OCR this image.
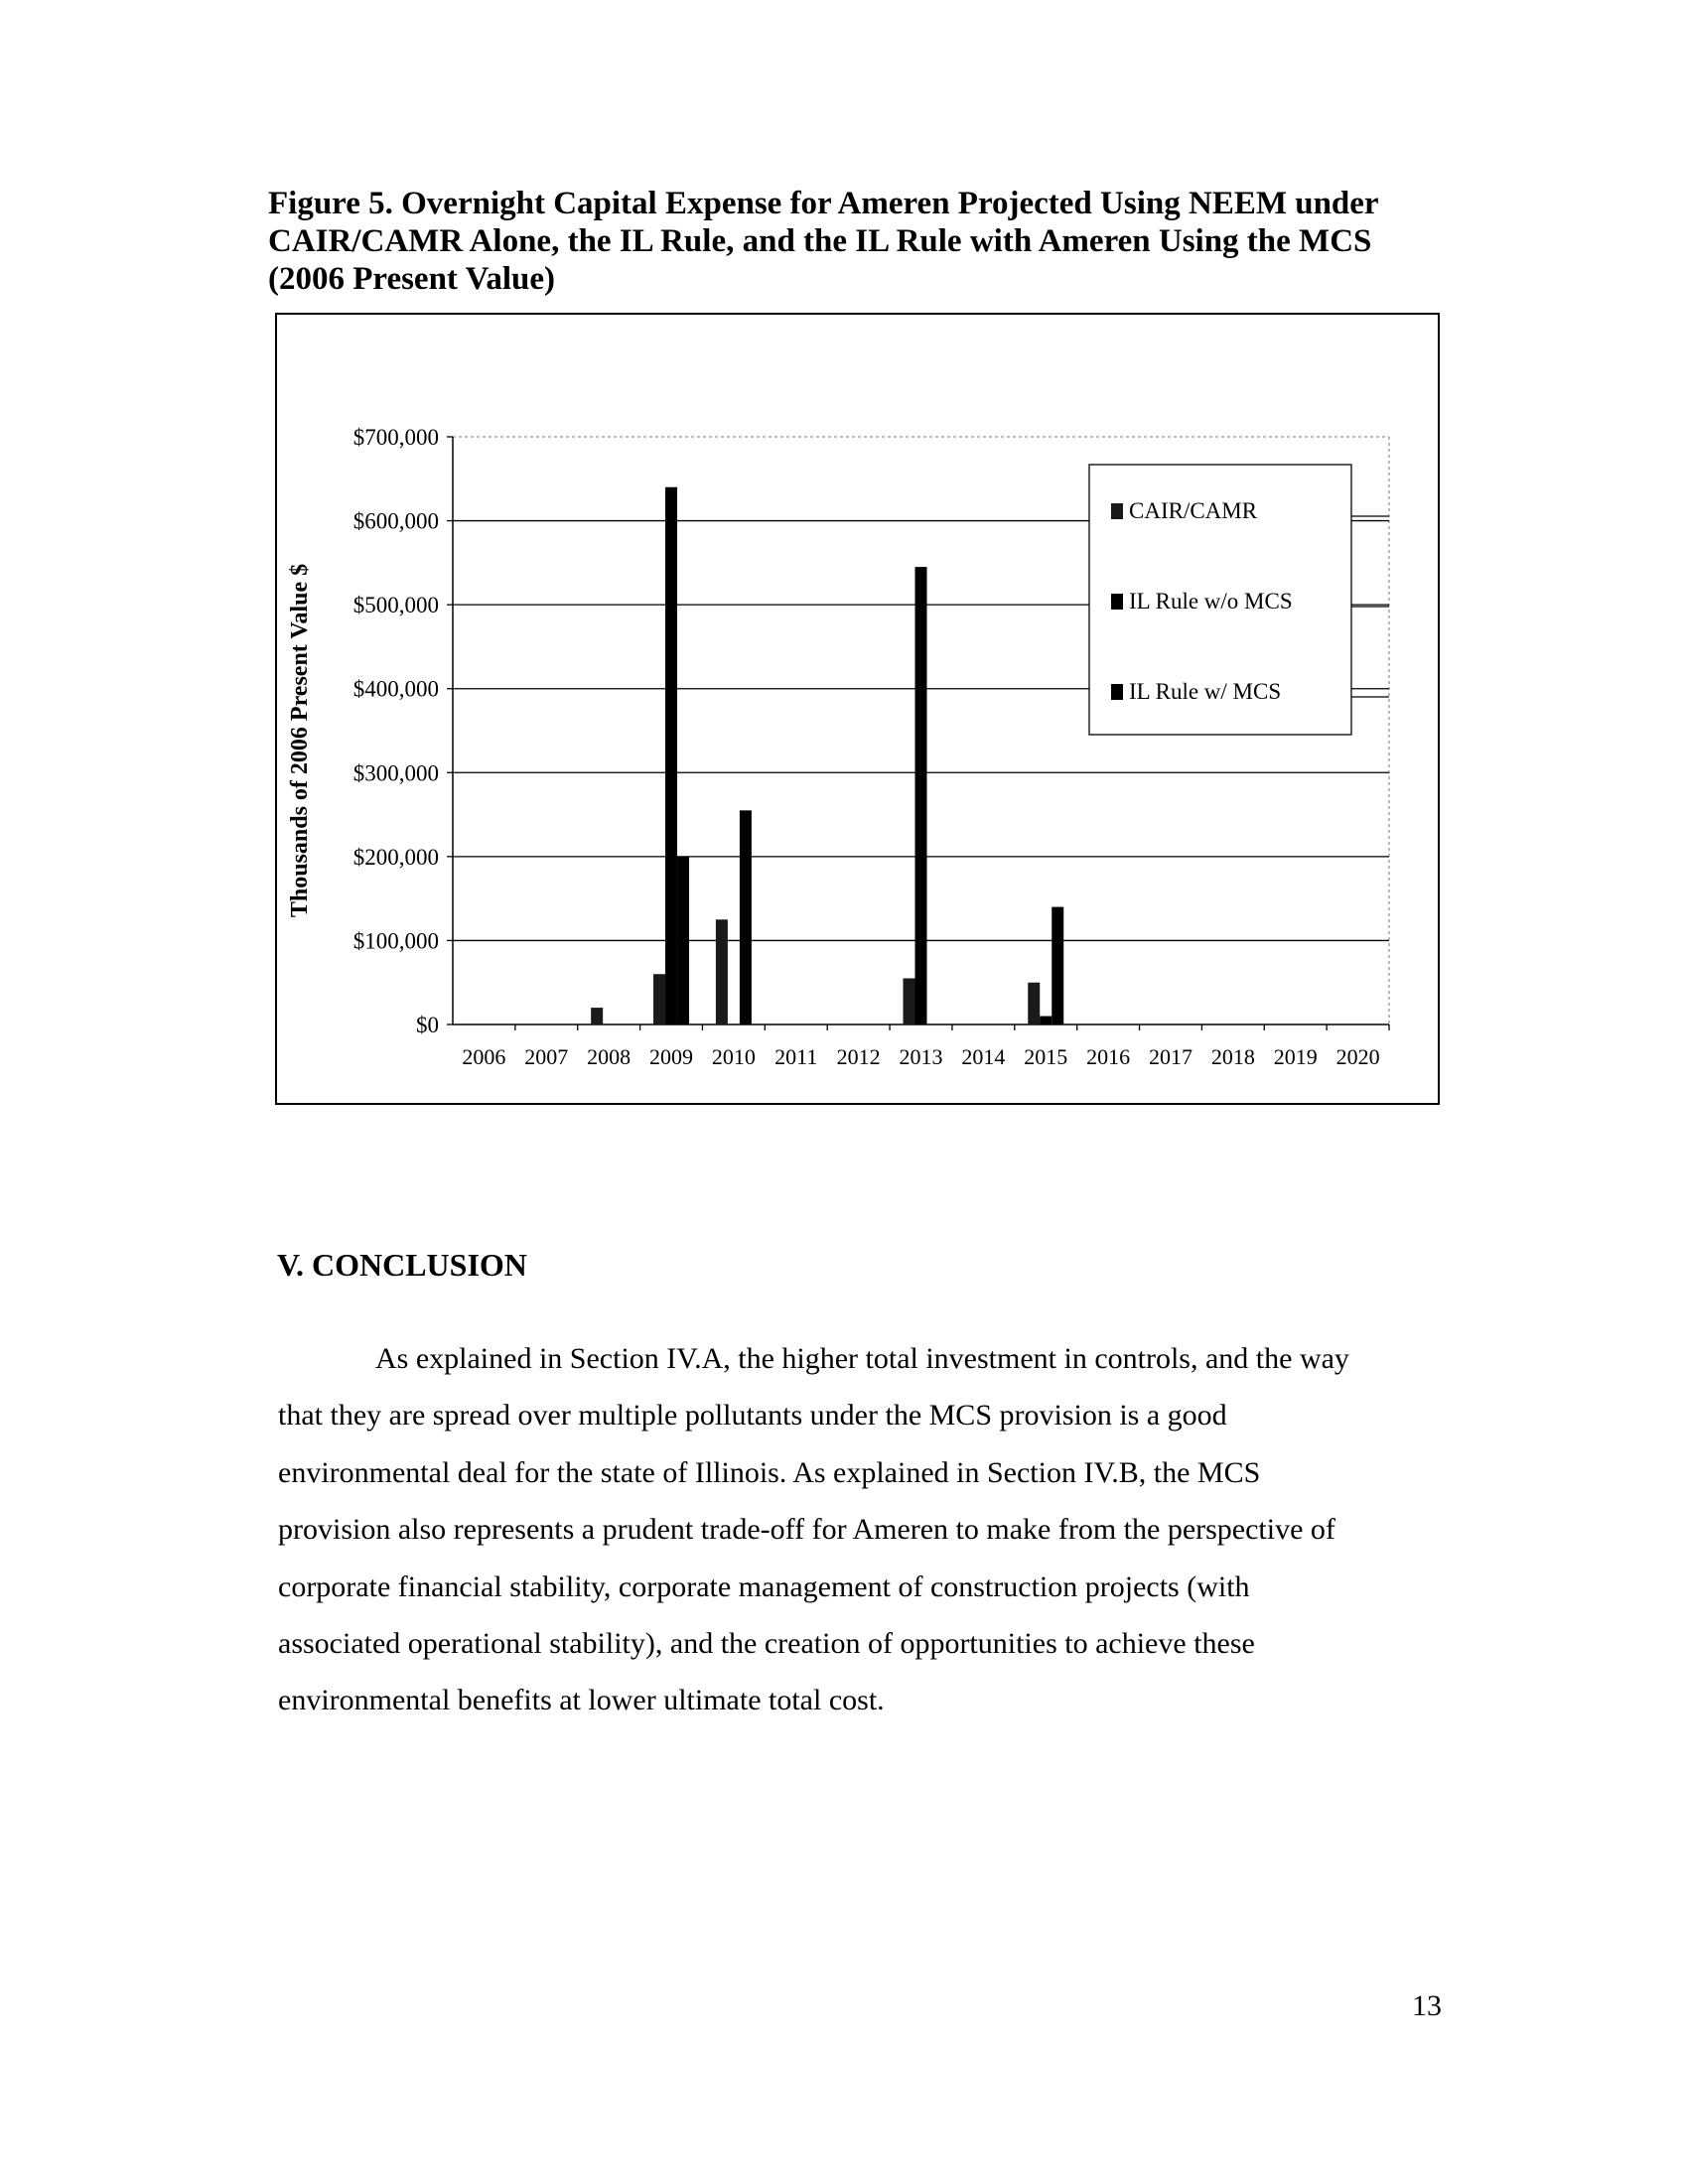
Figure 5. Overnight Capital Expense for Ameren Projected Using NEEM under
CAIR/CAMR Alone, the IL Rule, and the IL Rule with Ameren Using the MCS
(2006 Present Value)
$0
$100,000
$200,000
$300,000
$400,000
$500,000
$600,000
$700,000
Thousands of 2006 Present Value $
2006 2007 2008 2009 2010 2011 2012 2013 2014 2015 2016 2017 2018 2019 2020
CAIR/CAMR
IL Rule w/o MCS
IL Rule w/ MCS
V. CONCLUSION
As explained in Section IV.A, the higher total investment in controls, and the way
that they are spread over multiple pollutants under the MCS provision is a good
environmental deal for the state of Illinois. As explained in Section IV.B, the MCS
provision also represents a prudent trade-off for Ameren to make from the perspective of
corporate financial stability, corporate management of construction projects (with
associated operational stability), and the creation of opportunities to achieve these
environmental benefits at lower ultimate total cost.
13
